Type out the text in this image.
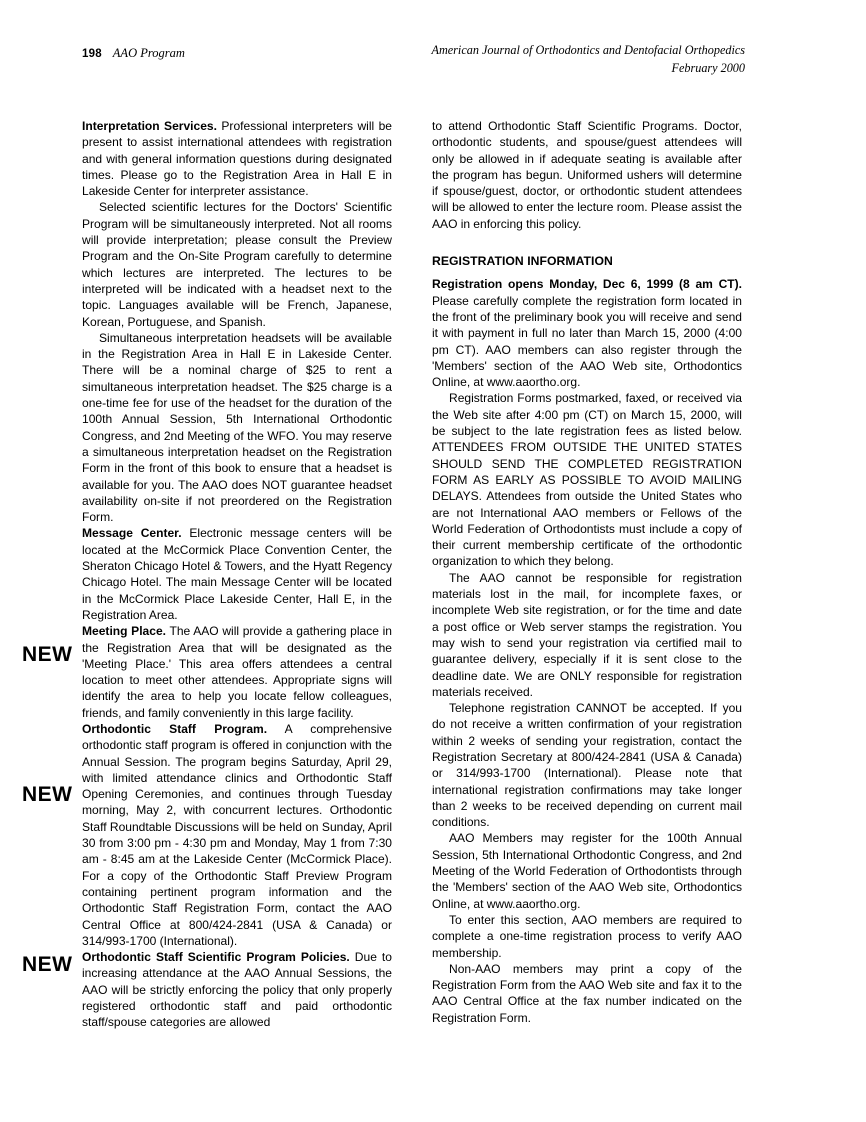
198 AAO Program	American Journal of Orthodontics and Dentofacial Orthopedics
February 2000

Interpretation Services. Professional interpreters will be present to assist international attendees with registration and with general information questions during designated times. Please go to the Registration Area in Hall E in Lakeside Center for interpreter assistance.

Selected scientific lectures for the Doctors' Scientific Program will be simultaneously interpreted. Not all rooms will provide interpretation; please consult the Preview Program and the On-Site Program carefully to determine which lectures are interpreted. The lectures to be interpreted will be indicated with a headset next to the topic. Languages available will be French, Japanese, Korean, Portuguese, and Spanish.

Simultaneous interpretation headsets will be available in the Registration Area in Hall E in Lakeside Center. There will be a nominal charge of $25 to rent a simultaneous interpretation headset. The $25 charge is a one-time fee for use of the headset for the duration of the 100th Annual Session, 5th International Orthodontic Congress, and 2nd Meeting of the WFO. You may reserve a simultaneous interpretation headset on the Registration Form in the front of this book to ensure that a headset is available for you. The AAO does NOT guarantee headset availability on-site if not preordered on the Registration Form.

Message Center. Electronic message centers will be located at the McCormick Place Convention Center, the Sheraton Chicago Hotel & Towers, and the Hyatt Regency Chicago Hotel. The main Message Center will be located in the McCormick Place Lakeside Center, Hall E, in the Registration Area.

Meeting Place. The AAO will provide a gathering place in the Registration Area that will be designated as the 'Meeting Place.' This area offers attendees a central location to meet other attendees. Appropriate signs will identify the area to help you locate fellow colleagues, friends, and family conveniently in this large facility.

Orthodontic Staff Program. A comprehensive orthodontic staff program is offered in conjunction with the Annual Session. The program begins Saturday, April 29, with limited attendance clinics and Orthodontic Staff Opening Ceremonies, and continues through Tuesday morning, May 2, with concurrent lectures. Orthodontic Staff Roundtable Discussions will be held on Sunday, April 30 from 3:00 pm - 4:30 pm and Monday, May 1 from 7:30 am - 8:45 am at the Lakeside Center (McCormick Place). For a copy of the Orthodontic Staff Preview Program containing pertinent program information and the Orthodontic Staff Registration Form, contact the AAO Central Office at 800/424-2841 (USA & Canada) or 314/993-1700 (International).

Orthodontic Staff Scientific Program Policies. Due to increasing attendance at the AAO Annual Sessions, the AAO will be strictly enforcing the policy that only properly registered orthodontic staff and paid orthodontic staff/spouse categories are allowed

to attend Orthodontic Staff Scientific Programs. Doctor, orthodontic students, and spouse/guest attendees will only be allowed in if adequate seating is available after the program has begun. Uniformed ushers will determine if spouse/guest, doctor, or orthodontic student attendees will be allowed to enter the lecture room. Please assist the AAO in enforcing this policy.

REGISTRATION INFORMATION

Registration opens Monday, Dec 6, 1999 (8 am CT). Please carefully complete the registration form located in the front of the preliminary book you will receive and send it with payment in full no later than March 15, 2000 (4:00 pm CT). AAO members can also register through the 'Members' section of the AAO Web site, Orthodontics Online, at www.aaortho.org.

Registration Forms postmarked, faxed, or received via the Web site after 4:00 pm (CT) on March 15, 2000, will be subject to the late registration fees as listed below. ATTENDEES FROM OUTSIDE THE UNITED STATES SHOULD SEND THE COMPLETED REGISTRATION FORM AS EARLY AS POSSIBLE TO AVOID MAILING DELAYS. Attendees from outside the United States who are not International AAO members or Fellows of the World Federation of Orthodontists must include a copy of their current membership certificate of the orthodontic organization to which they belong.

The AAO cannot be responsible for registration materials lost in the mail, for incomplete faxes, or incomplete Web site registration, or for the time and date a post office or Web server stamps the registration. You may wish to send your registration via certified mail to guarantee delivery, especially if it is sent close to the deadline date. We are ONLY responsible for registration materials received.

Telephone registration CANNOT be accepted. If you do not receive a written confirmation of your registration within 2 weeks of sending your registration, contact the Registration Secretary at 800/424-2841 (USA & Canada) or 314/993-1700 (International). Please note that international registration confirmations may take longer than 2 weeks to be received depending on current mail conditions.

AAO Members may register for the 100th Annual Session, 5th International Orthodontic Congress, and 2nd Meeting of the World Federation of Orthodontists through the 'Members' section of the AAO Web site, Orthodontics Online, at www.aaortho.org.

To enter this section, AAO members are required to complete a one-time registration process to verify AAO membership.

Non-AAO members may print a copy of the Registration Form from the AAO Web site and fax it to the AAO Central Office at the fax number indicated on the Registration Form.

NEW
NEW
NEW
